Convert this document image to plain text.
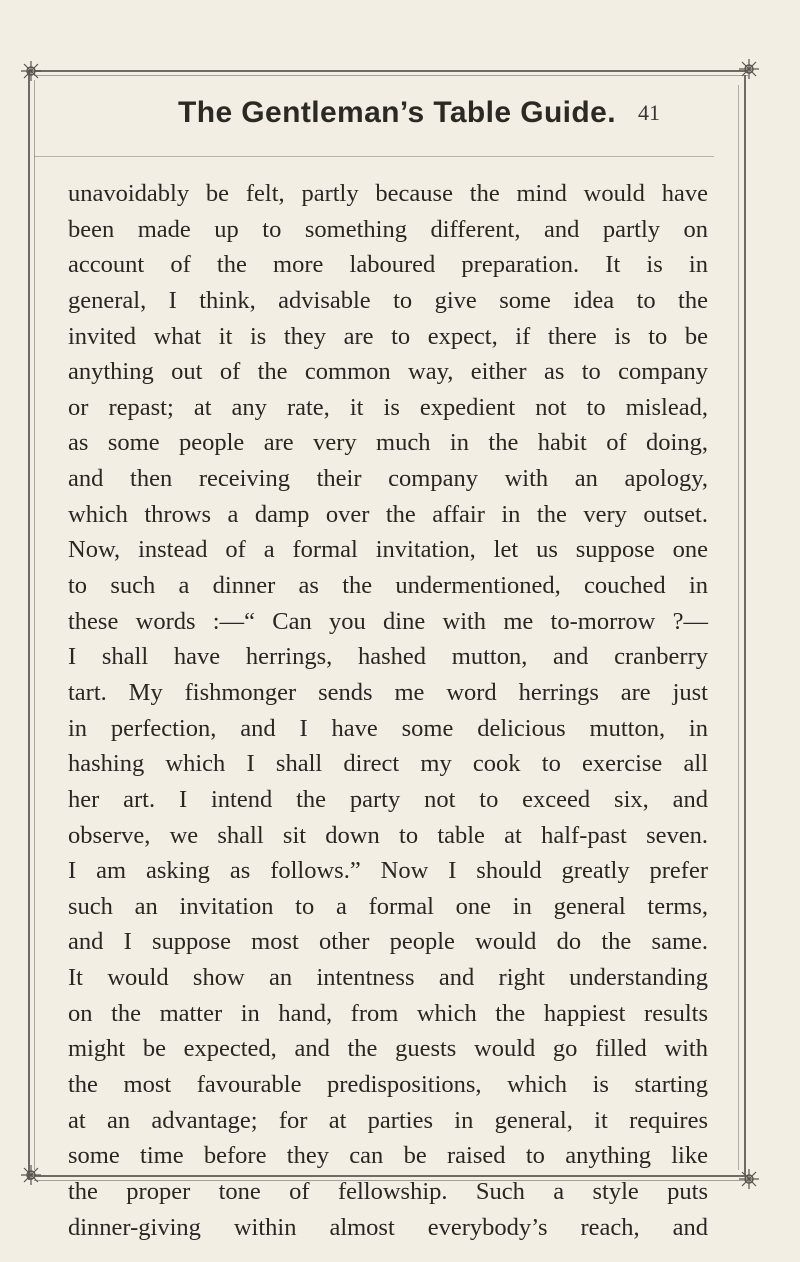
The Gentleman’s Table Guide. 41
unavoidably be felt, partly because the mind would have
been made up to something different, and partly on
account of the more laboured preparation. It is in
general, I think, advisable to give some idea to the
invited what it is they are to expect, if there is to be
anything out of the common way, either as to company
or repast; at any rate, it is expedient not to mislead,
as some people are very much in the habit of doing,
and then receiving their company with an apology,
which throws a damp over the affair in the very outset.
Now, instead of a formal invitation, let us suppose one
to such a dinner as the undermentioned, couched in
these words :—“ Can you dine with me to-morrow ?—
I shall have herrings, hashed mutton, and cranberry
tart. My fishmonger sends me word herrings are just
in perfection, and I have some delicious mutton, in
hashing which I shall direct my cook to exercise all
her art. I intend the party not to exceed six, and
observe, we shall sit down to table at half-past seven.
I am asking as follows.” Now I should greatly prefer
such an invitation to a formal one in general terms,
and I suppose most other people would do the same.
It would show an intentness and right understanding
on the matter in hand, from which the happiest results
might be expected, and the guests would go filled with
the most favourable predispositions, which is starting
at an advantage; for at parties in general, it requires
some time before they can be raised to anything like
the proper tone of fellowship. Such a style puts
dinner-giving within almost everybody’s reach, and
